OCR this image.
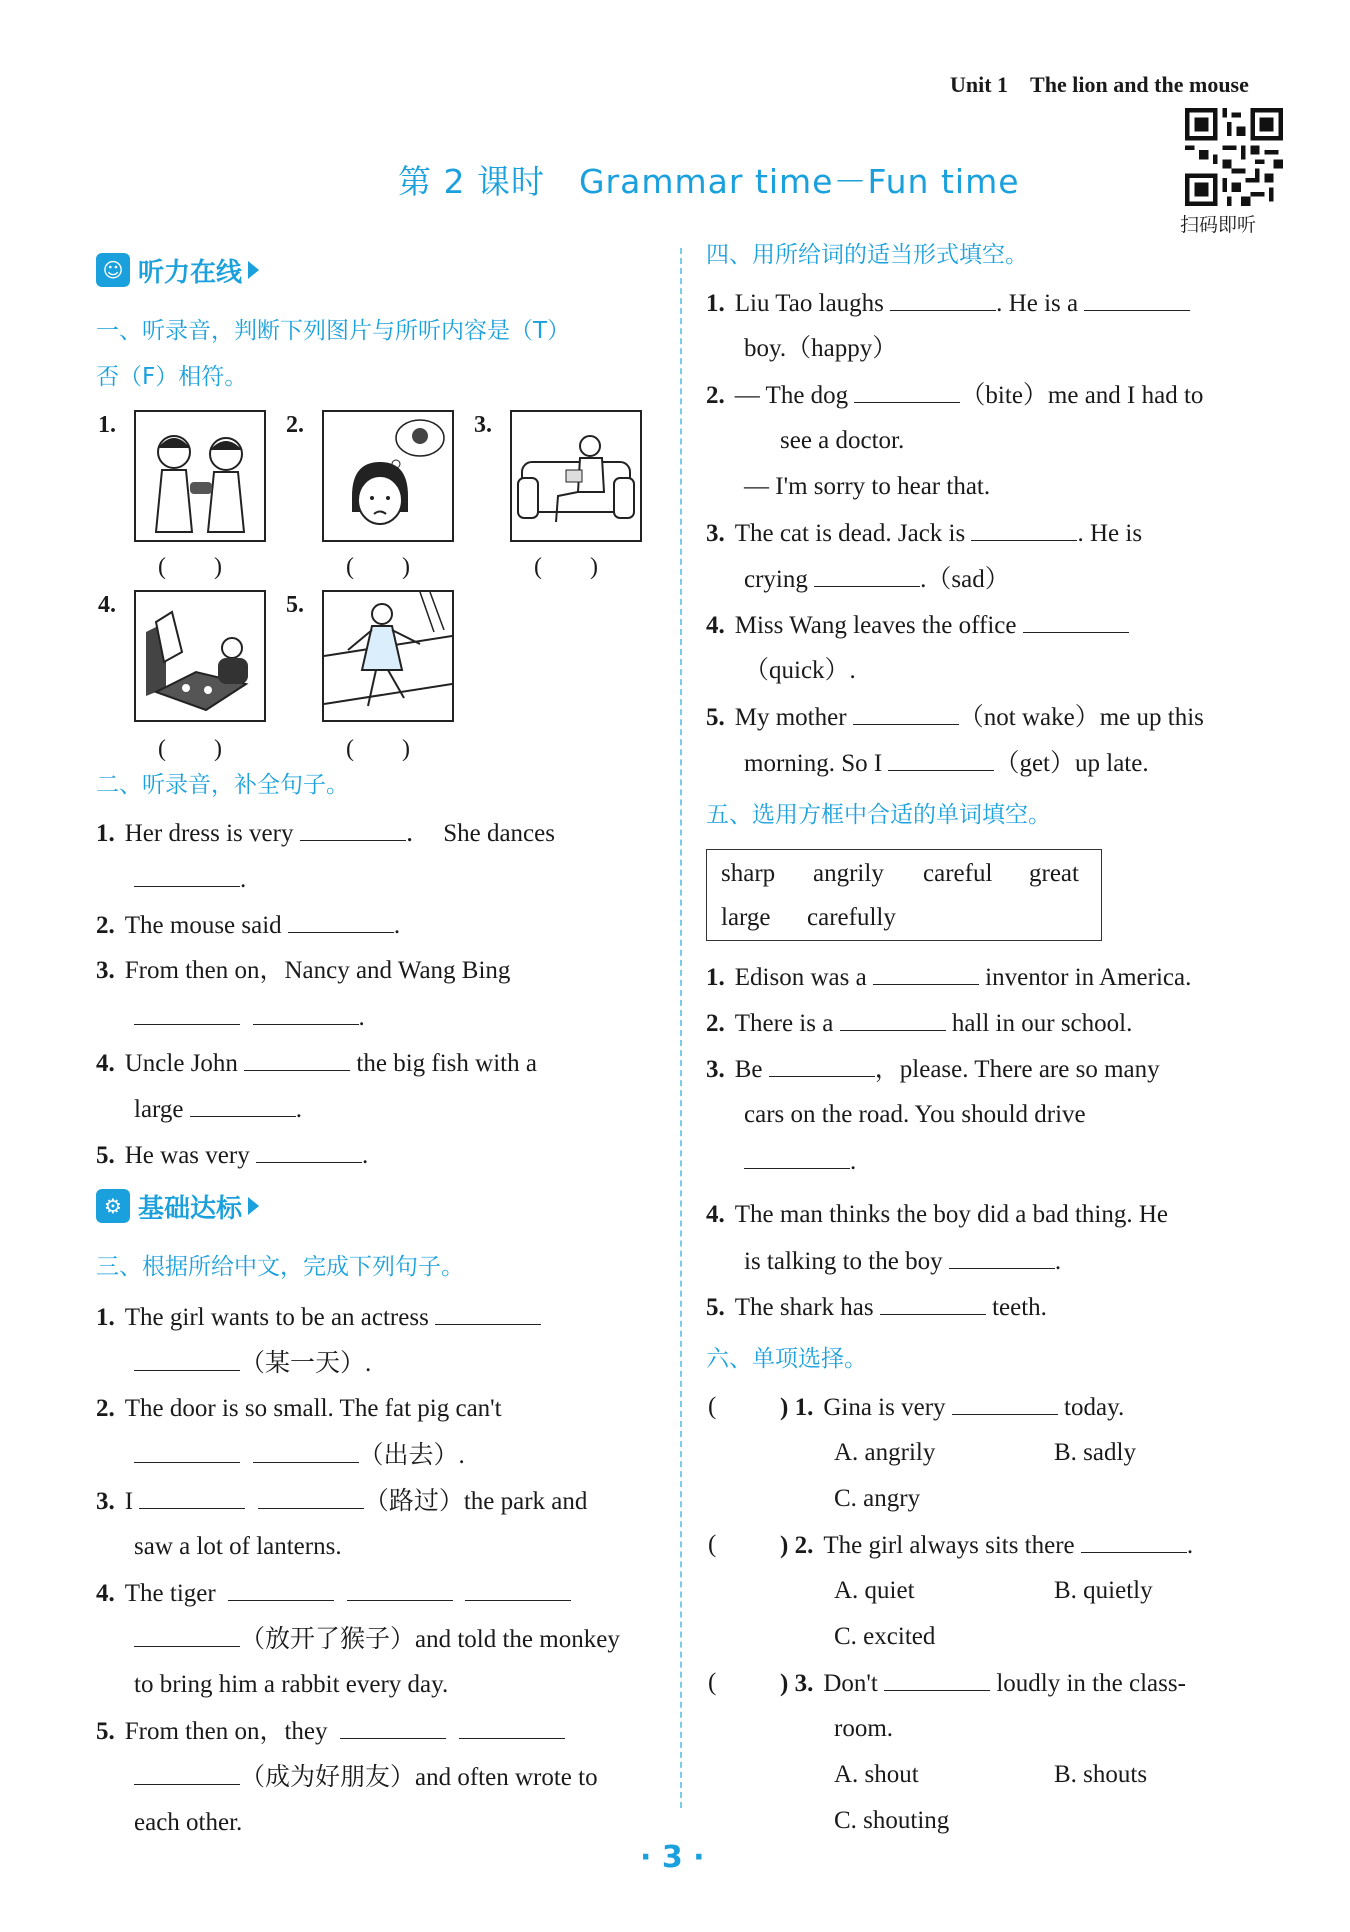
Unit 1　The lion and the mouse
扫码即听
第 2 课时　Grammar time－Fun time
☺ 听力在线
一、听录音，判断下列图片与所听内容是（T）
否（F）相符。
1.
(　　)
2.
(　　)
3.
(　　)
4.
(　　)
5.
(　　)
二、听录音，补全句子。
1. Her dress is very	．　She dances
.
2. The mouse said	.
3. From then on，Nancy and Wang Bing
.
4. Uncle John	the big fish with a
large	.
5. He was very	.
⚙ 基础达标
三、根据所给中文，完成下列句子。
1. The girl wants to be an actress
（某一天）.
2. The door is so small. The fat pig can't
（出去）.
3. I	（路过）the park and
saw a lot of lanterns.
4. The tiger
（放开了猴子）and told the monkey
to bring him a rabbit every day.
5. From then on，they
（成为好朋友）and often wrote to
each other.
四、用所给词的适当形式填空。
1. Liu Tao laughs	. He is a
boy.（happy）
2. — The dog	（bite）me and I had to
see a doctor.
— I'm sorry to hear that.
3. The cat is dead. Jack is	. He is
crying	.（sad）
4. Miss Wang leaves the office
（quick）.
5. My mother	（not wake）me up this
morning. So I	（get）up late.
五、选用方框中合适的单词填空。
sharp angrily careful great
large carefully
1. Edison was a	inventor in America.
2. There is a	hall in our school.
3. Be	，please. There are so many
cars on the road. You should drive
.
4. The man thinks the boy did a bad thing. He
is talking to the boy	.
5. The shark has	teeth.
六、单项选择。
(	) 1. Gina is very	today.
A. angrily	B. sadly
C. angry
(	) 2. The girl always sits there	.
A. quiet	B. quietly
C. excited
(	) 3. Don't	loudly in the class-
room.
A. shout	B. shouts
C. shouting
· 3 ·
